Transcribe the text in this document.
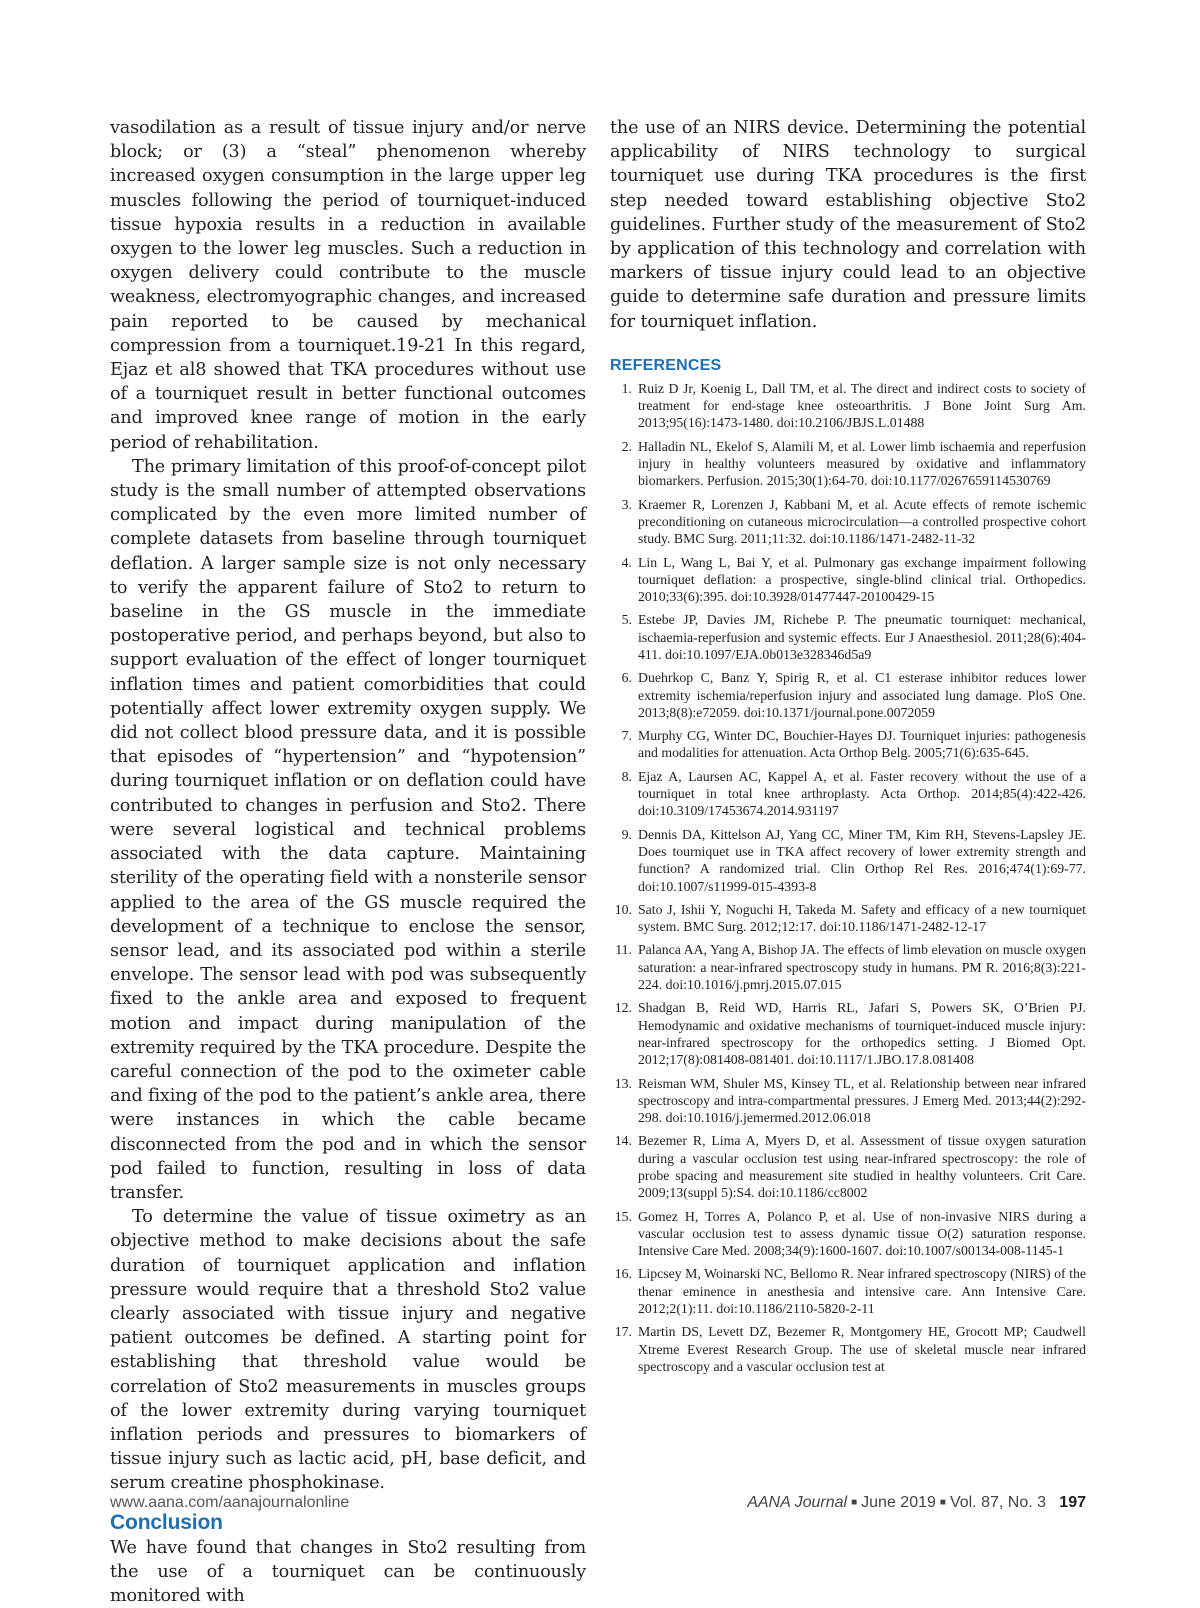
vasodilation as a result of tissue injury and/or nerve block; or (3) a “steal” phenomenon whereby increased oxygen consumption in the large upper leg muscles following the period of tourniquet-induced tissue hypoxia results in a reduction in available oxygen to the lower leg muscles. Such a reduction in oxygen delivery could contribute to the muscle weakness, electromyographic changes, and increased pain reported to be caused by mechanical compression from a tourniquet.19-21 In this regard, Ejaz et al8 showed that TKA procedures without use of a tourniquet result in better functional outcomes and improved knee range of motion in the early period of rehabilitation.

The primary limitation of this proof-of-concept pilot study is the small number of attempted observations complicated by the even more limited number of complete datasets from baseline through tourniquet deflation. A larger sample size is not only necessary to verify the apparent failure of Sto2 to return to baseline in the GS muscle in the immediate postoperative period, and perhaps beyond, but also to support evaluation of the effect of longer tourniquet inflation times and patient comorbidities that could potentially affect lower extremity oxygen supply. We did not collect blood pressure data, and it is possible that episodes of “hypertension” and “hypotension” during tourniquet inflation or on deflation could have contributed to changes in perfusion and Sto2. There were several logistical and technical problems associated with the data capture. Maintaining sterility of the operating field with a nonsterile sensor applied to the area of the GS muscle required the development of a technique to enclose the sensor, sensor lead, and its associated pod within a sterile envelope. The sensor lead with pod was subsequently fixed to the ankle area and exposed to frequent motion and impact during manipulation of the extremity required by the TKA procedure. Despite the careful connection of the pod to the oximeter cable and fixing of the pod to the patient’s ankle area, there were instances in which the cable became disconnected from the pod and in which the sensor pod failed to function, resulting in loss of data transfer.

To determine the value of tissue oximetry as an objective method to make decisions about the safe duration of tourniquet application and inflation pressure would require that a threshold Sto2 value clearly associated with tissue injury and negative patient outcomes be defined. A starting point for establishing that threshold value would be correlation of Sto2 measurements in muscles groups of the lower extremity during varying tourniquet inflation periods and pressures to biomarkers of tissue injury such as lactic acid, pH, base deficit, and serum creatine phosphokinase.

Conclusion

We have found that changes in Sto2 resulting from the use of a tourniquet can be continuously monitored with

the use of an NIRS device. Determining the potential applicability of NIRS technology to surgical tourniquet use during TKA procedures is the first step needed toward establishing objective Sto2 guidelines. Further study of the measurement of Sto2 by application of this technology and correlation with markers of tissue injury could lead to an objective guide to determine safe duration and pressure limits for tourniquet inflation.

REFERENCES
1. Ruiz D Jr, Koenig L, Dall TM, et al. The direct and indirect costs to society of treatment for end-stage knee osteoarthritis. J Bone Joint Surg Am. 2013;95(16):1473-1480. doi:10.2106/JBJS.L.01488
2. Halladin NL, Ekelof S, Alamili M, et al. Lower limb ischaemia and reperfusion injury in healthy volunteers measured by oxidative and inflammatory biomarkers. Perfusion. 2015;30(1):64-70. doi:10.1177/0267659114530769
3. Kraemer R, Lorenzen J, Kabbani M, et al. Acute effects of remote ischemic preconditioning on cutaneous microcirculation—a controlled prospective cohort study. BMC Surg. 2011;11:32. doi:10.1186/1471-2482-11-32
4. Lin L, Wang L, Bai Y, et al. Pulmonary gas exchange impairment following tourniquet deflation: a prospective, single-blind clinical trial. Orthopedics. 2010;33(6):395. doi:10.3928/01477447-20100429-15
5. Estebe JP, Davies JM, Richebe P. The pneumatic tourniquet: mechanical, ischaemia-reperfusion and systemic effects. Eur J Anaesthesiol. 2011;28(6):404-411. doi:10.1097/EJA.0b013e328346d5a9
6. Duehrkop C, Banz Y, Spirig R, et al. C1 esterase inhibitor reduces lower extremity ischemia/reperfusion injury and associated lung damage. PloS One. 2013;8(8):e72059. doi:10.1371/journal.pone.0072059
7. Murphy CG, Winter DC, Bouchier-Hayes DJ. Tourniquet injuries: pathogenesis and modalities for attenuation. Acta Orthop Belg. 2005;71(6):635-645.
8. Ejaz A, Laursen AC, Kappel A, et al. Faster recovery without the use of a tourniquet in total knee arthroplasty. Acta Orthop. 2014;85(4):422-426. doi:10.3109/17453674.2014.931197
9. Dennis DA, Kittelson AJ, Yang CC, Miner TM, Kim RH, Stevens-Lapsley JE. Does tourniquet use in TKA affect recovery of lower extremity strength and function? A randomized trial. Clin Orthop Rel Res. 2016;474(1):69-77. doi:10.1007/s11999-015-4393-8
10. Sato J, Ishii Y, Noguchi H, Takeda M. Safety and efficacy of a new tourniquet system. BMC Surg. 2012;12:17. doi:10.1186/1471-2482-12-17
11. Palanca AA, Yang A, Bishop JA. The effects of limb elevation on muscle oxygen saturation: a near-infrared spectroscopy study in humans. PM R. 2016;8(3):221-224. doi:10.1016/j.pmrj.2015.07.015
12. Shadgan B, Reid WD, Harris RL, Jafari S, Powers SK, O’Brien PJ. Hemodynamic and oxidative mechanisms of tourniquet-induced muscle injury: near-infrared spectroscopy for the orthopedics setting. J Biomed Opt. 2012;17(8):081408-081401. doi:10.1117/1.JBO.17.8.081408
13. Reisman WM, Shuler MS, Kinsey TL, et al. Relationship between near infrared spectroscopy and intra-compartmental pressures. J Emerg Med. 2013;44(2):292-298. doi:10.1016/j.jemermed.2012.06.018
14. Bezemer R, Lima A, Myers D, et al. Assessment of tissue oxygen saturation during a vascular occlusion test using near-infrared spectroscopy: the role of probe spacing and measurement site studied in healthy volunteers. Crit Care. 2009;13(suppl 5):S4. doi:10.1186/cc8002
15. Gomez H, Torres A, Polanco P, et al. Use of non-invasive NIRS during a vascular occlusion test to assess dynamic tissue O(2) saturation response. Intensive Care Med. 2008;34(9):1600-1607. doi:10.1007/s00134-008-1145-1
16. Lipcsey M, Woinarski NC, Bellomo R. Near infrared spectroscopy (NIRS) of the thenar eminence in anesthesia and intensive care. Ann Intensive Care. 2012;2(1):11. doi:10.1186/2110-5820-2-11
17. Martin DS, Levett DZ, Bezemer R, Montgomery HE, Grocott MP; Caudwell Xtreme Everest Research Group. The use of skeletal muscle near infrared spectroscopy and a vascular occlusion test at
www.aana.com/aanajournalonline	AANA Journal ■ June 2019 ■ Vol. 87, No. 3 197
